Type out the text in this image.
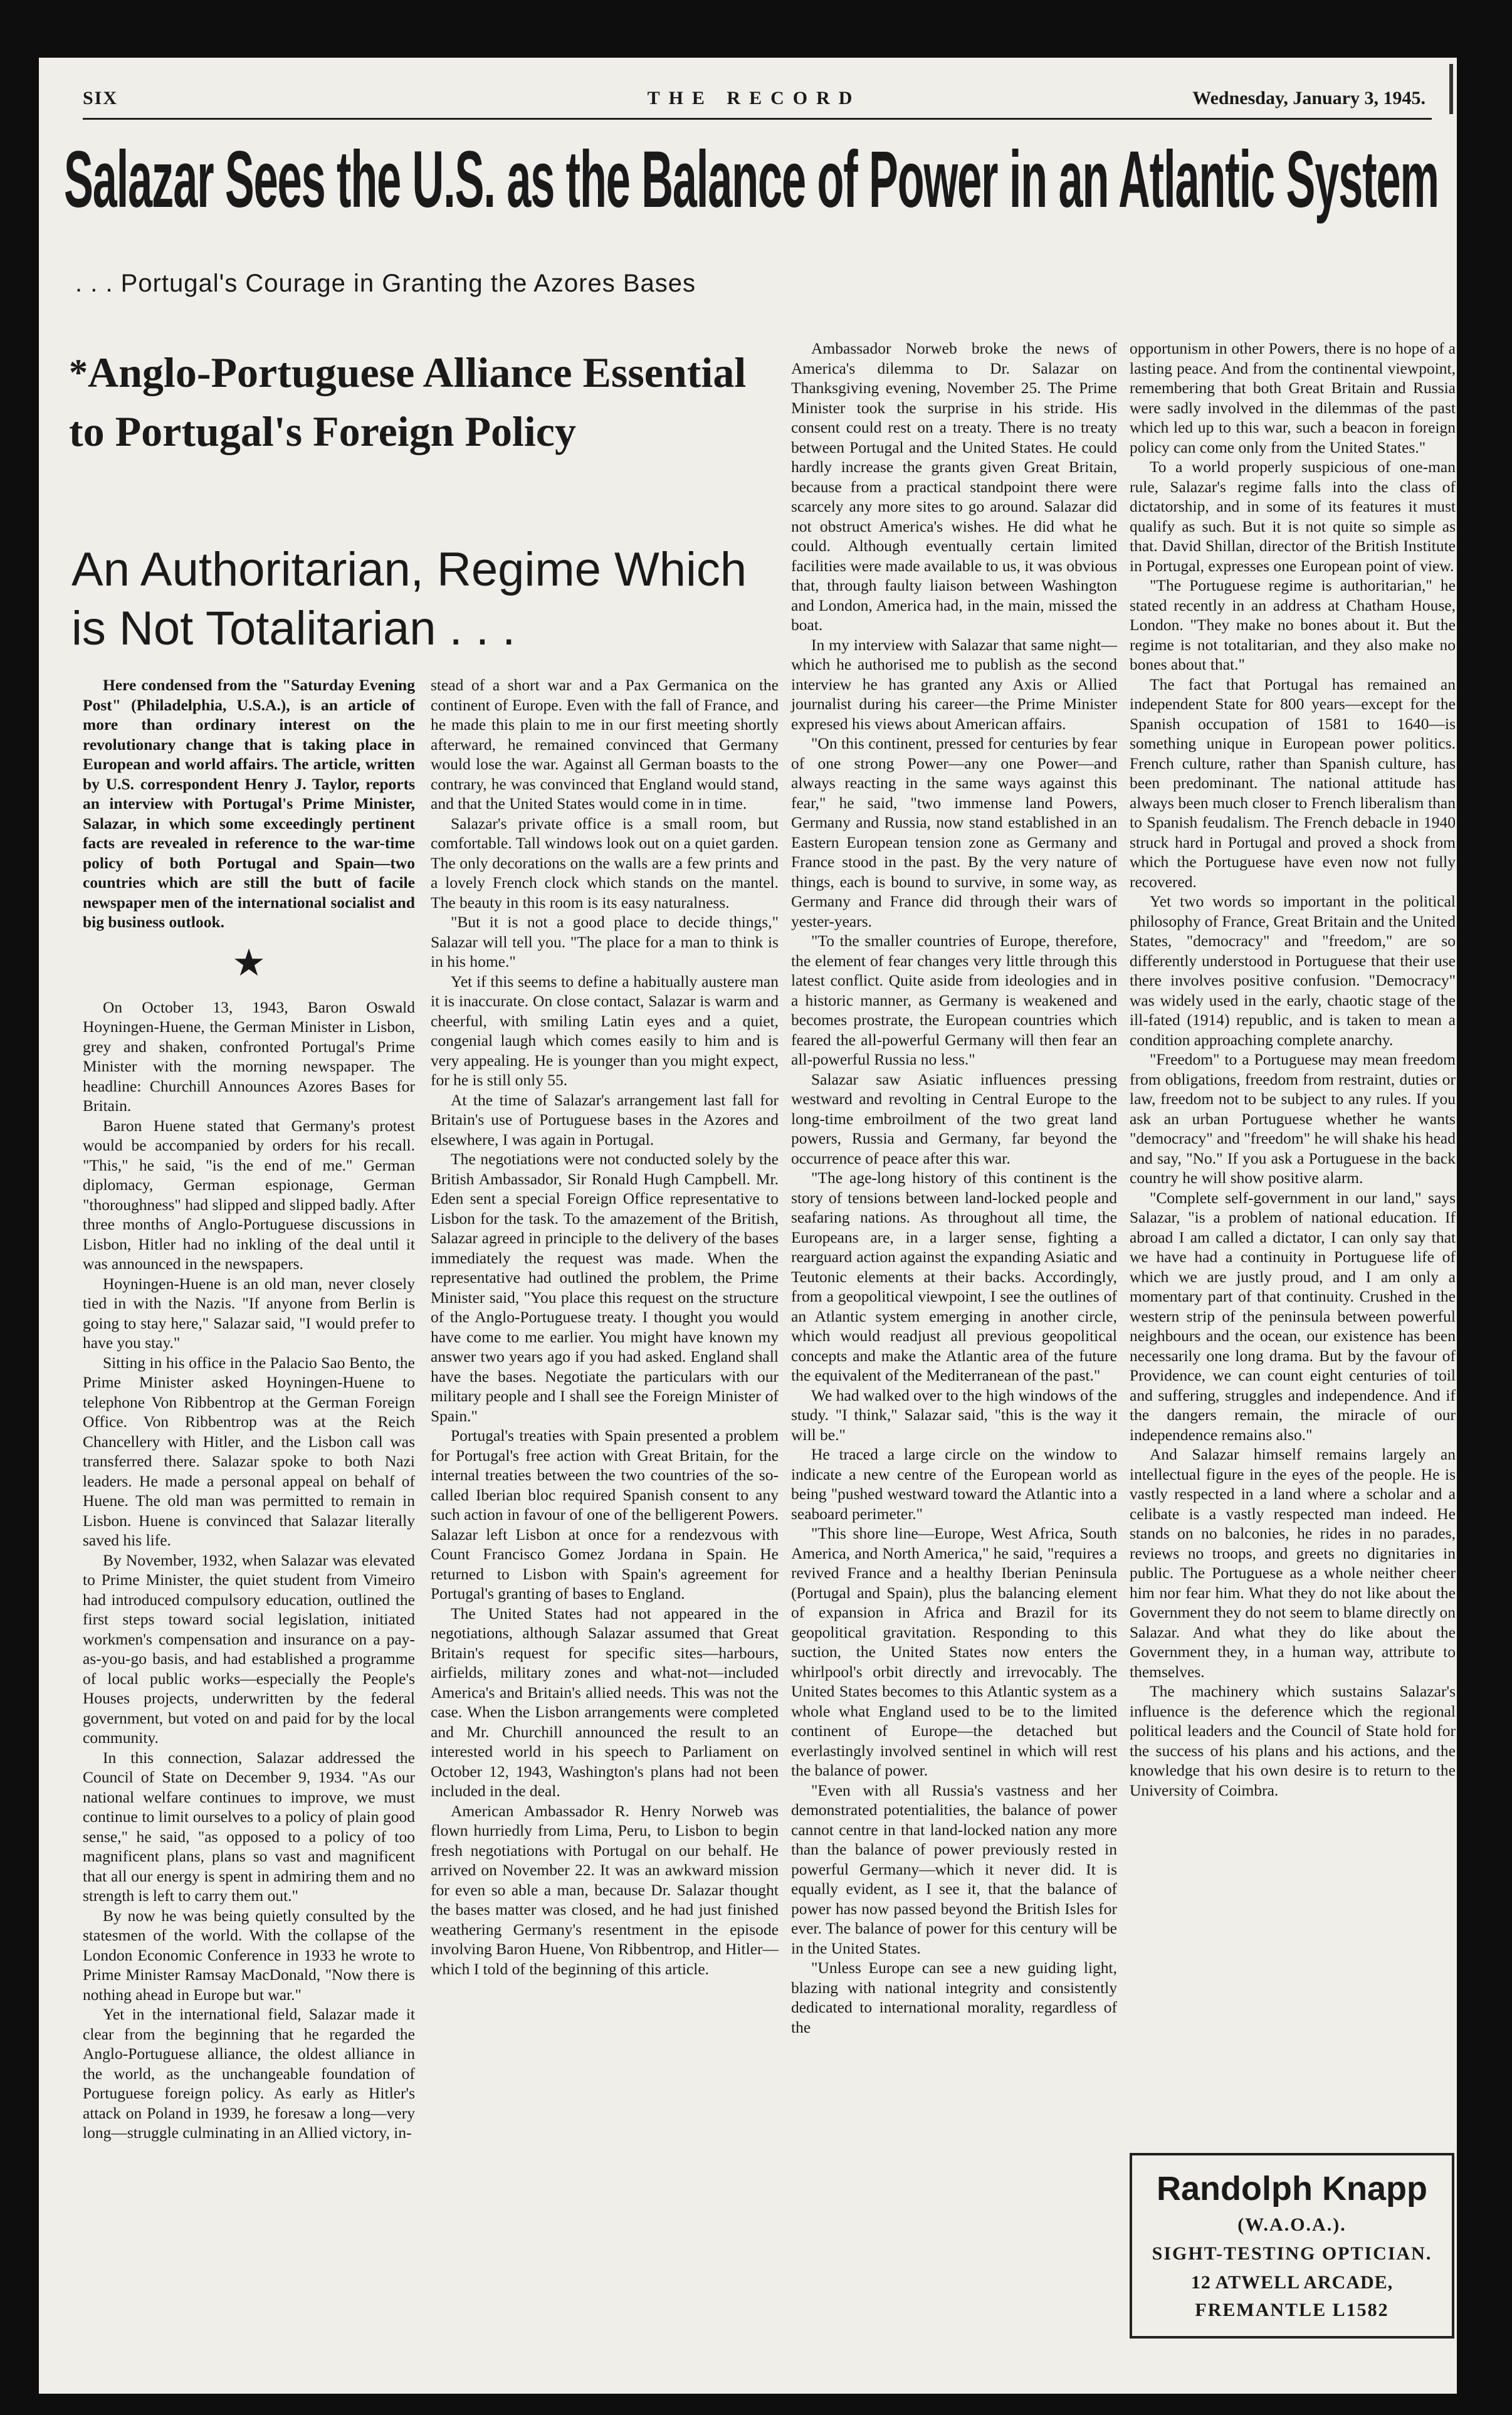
SIX	THE RECORD	Wednesday, January 3, 1945.
Salazar Sees the U.S. as the Balance of Power in an Atlantic System
. . . Portugal's Courage in Granting the Azores Bases
*Anglo-Portuguese Alliance Essential to Portugal's Foreign Policy
An Authoritarian, Regime Which is Not Totalitarian . . .

Here condensed from the "Saturday Evening Post" (Philadelphia, U.S.A.), is an article of more than ordinary interest on the revolutionary change that is taking place in European and world affairs. The article, written by U.S. correspondent Henry J. Taylor, reports an interview with Portugal's Prime Minister, Salazar, in which some exceedingly pertinent facts are revealed in reference to the war-time policy of both Portugal and Spain—two countries which are still the butt of facile newspaper men of the international socialist and big business outlook.

★

On October 13, 1943, Baron Oswald Hoyningen-Huene, the German Minister in Lisbon, grey and shaken, confronted Portugal's Prime Minister with the morning newspaper. The headline: Churchill Announces Azores Bases for Britain.

Baron Huene stated that Germany's protest would be accompanied by orders for his recall. "This," he said, "is the end of me." German diplomacy, German espionage, German "thoroughness" had slipped and slipped badly. After three months of Anglo-Portuguese discussions in Lisbon, Hitler had no inkling of the deal until it was announced in the newspapers.

Hoyningen-Huene is an old man, never closely tied in with the Nazis. "If anyone from Berlin is going to stay here," Salazar said, "I would prefer to have you stay."

Sitting in his office in the Palacio Sao Bento, the Prime Minister asked Hoyningen-Huene to telephone Von Ribbentrop at the German Foreign Office. Von Ribbentrop was at the Reich Chancellery with Hitler, and the Lisbon call was transferred there. Salazar spoke to both Nazi leaders. He made a personal appeal on behalf of Huene. The old man was permitted to remain in Lisbon. Huene is convinced that Salazar literally saved his life.

By November, 1932, when Salazar was elevated to Prime Minister, the quiet student from Vimeiro had introduced compulsory education, outlined the first steps toward social legislation, initiated workmen's compensation and insurance on a pay-as-you-go basis, and had established a programme of local public works—especially the People's Houses projects, underwritten by the federal government, but voted on and paid for by the local community.

In this connection, Salazar addressed the Council of State on December 9, 1934. "As our national welfare continues to improve, we must continue to limit ourselves to a policy of plain good sense," he said, "as opposed to a policy of too magnificent plans, plans so vast and magnificent that all our energy is spent in admiring them and no strength is left to carry them out."

By now he was being quietly consulted by the statesmen of the world. With the collapse of the London Economic Conference in 1933 he wrote to Prime Minister Ramsay MacDonald, "Now there is nothing ahead in Europe but war."

Yet in the international field, Salazar made it clear from the beginning that he regarded the Anglo-Portuguese alliance, the oldest alliance in the world, as the unchangeable foundation of Portuguese foreign policy. As early as Hitler's attack on Poland in 1939, he foresaw a long—very long—struggle culminating in an Allied victory, in-

stead of a short war and a Pax Germanica on the continent of Europe. Even with the fall of France, and he made this plain to me in our first meeting shortly afterward, he remained convinced that Germany would lose the war. Against all German boasts to the contrary, he was convinced that England would stand, and that the United States would come in in time.

Salazar's private office is a small room, but comfortable. Tall windows look out on a quiet garden. The only decorations on the walls are a few prints and a lovely French clock which stands on the mantel. The beauty in this room is its easy naturalness.

"But it is not a good place to decide things," Salazar will tell you. "The place for a man to think is in his home."

Yet if this seems to define a habitually austere man it is inaccurate. On close contact, Salazar is warm and cheerful, with smiling Latin eyes and a quiet, congenial laugh which comes easily to him and is very appealing. He is younger than you might expect, for he is still only 55.

At the time of Salazar's arrangement last fall for Britain's use of Portuguese bases in the Azores and elsewhere, I was again in Portugal.

The negotiations were not conducted solely by the British Ambassador, Sir Ronald Hugh Campbell. Mr. Eden sent a special Foreign Office representative to Lisbon for the task. To the amazement of the British, Salazar agreed in principle to the delivery of the bases immediately the request was made. When the representative had outlined the problem, the Prime Minister said, "You place this request on the structure of the Anglo-Portuguese treaty. I thought you would have come to me earlier. You might have known my answer two years ago if you had asked. England shall have the bases. Negotiate the particulars with our military people and I shall see the Foreign Minister of Spain."

Portugal's treaties with Spain presented a problem for Portugal's free action with Great Britain, for the internal treaties between the two countries of the so-called Iberian bloc required Spanish consent to any such action in favour of one of the belligerent Powers. Salazar left Lisbon at once for a rendezvous with Count Francisco Gomez Jordana in Spain. He returned to Lisbon with Spain's agreement for Portugal's granting of bases to England.

The United States had not appeared in the negotiations, although Salazar assumed that Great Britain's request for specific sites—harbours, airfields, military zones and what-not—included America's and Britain's allied needs. This was not the case. When the Lisbon arrangements were completed and Mr. Churchill announced the result to an interested world in his speech to Parliament on October 12, 1943, Washington's plans had not been included in the deal.

American Ambassador R. Henry Norweb was flown hurriedly from Lima, Peru, to Lisbon to begin fresh negotiations with Portugal on our behalf. He arrived on November 22. It was an awkward mission for even so able a man, because Dr. Salazar thought the bases matter was closed, and he had just finished weathering Germany's resentment in the episode involving Baron Huene, Von Ribbentrop, and Hitler—which I told of the beginning of this article.

Ambassador Norweb broke the news of America's dilemma to Dr. Salazar on Thanksgiving evening, November 25. The Prime Minister took the surprise in his stride. His consent could rest on a treaty. There is no treaty between Portugal and the United States. He could hardly increase the grants given Great Britain, because from a practical standpoint there were scarcely any more sites to go around. Salazar did not obstruct America's wishes. He did what he could. Although eventually certain limited facilities were made available to us, it was obvious that, through faulty liaison between Washington and London, America had, in the main, missed the boat.

In my interview with Salazar that same night—which he authorised me to publish as the second interview he has granted any Axis or Allied journalist during his career—the Prime Minister expresed his views about American affairs.

"On this continent, pressed for centuries by fear of one strong Power—any one Power—and always reacting in the same ways against this fear," he said, "two immense land Powers, Germany and Russia, now stand established in an Eastern European tension zone as Germany and France stood in the past. By the very nature of things, each is bound to survive, in some way, as Germany and France did through their wars of yester-years.

"To the smaller countries of Europe, therefore, the element of fear changes very little through this latest conflict. Quite aside from ideologies and in a historic manner, as Germany is weakened and becomes prostrate, the European countries which feared the all-powerful Germany will then fear an all-powerful Russia no less."

Salazar saw Asiatic influences pressing westward and revolting in Central Europe to the long-time embroilment of the two great land powers, Russia and Germany, far beyond the occurrence of peace after this war.

"The age-long history of this continent is the story of tensions between land-locked people and seafaring nations. As throughout all time, the Europeans are, in a larger sense, fighting a rearguard action against the expanding Asiatic and Teutonic elements at their backs. Accordingly, from a geopolitical viewpoint, I see the outlines of an Atlantic system emerging in another circle, which would readjust all previous geopolitical concepts and make the Atlantic area of the future the equivalent of the Mediterranean of the past."

We had walked over to the high windows of the study. "I think," Salazar said, "this is the way it will be."

He traced a large circle on the window to indicate a new centre of the European world as being "pushed westward toward the Atlantic into a seaboard perimeter."

"This shore line—Europe, West Africa, South America, and North America," he said, "requires a revived France and a healthy Iberian Peninsula (Portugal and Spain), plus the balancing element of expansion in Africa and Brazil for its geopolitical gravitation. Responding to this suction, the United States now enters the whirlpool's orbit directly and irrevocably. The United States becomes to this Atlantic system as a whole what England used to be to the limited continent of Europe—the detached but everlastingly involved sentinel in which will rest the balance of power.

"Even with all Russia's vastness and her demonstrated potentialities, the balance of power cannot centre in that land-locked nation any more than the balance of power previously rested in powerful Germany—which it never did. It is equally evident, as I see it, that the balance of power has now passed beyond the British Isles for ever. The balance of power for this century will be in the United States.

"Unless Europe can see a new guiding light, blazing with national integrity and consistently dedicated to international morality, regardless of the

opportunism in other Powers, there is no hope of a lasting peace. And from the continental viewpoint, remembering that both Great Britain and Russia were sadly involved in the dilemmas of the past which led up to this war, such a beacon in foreign policy can come only from the United States."

To a world properly suspicious of one-man rule, Salazar's regime falls into the class of dictatorship, and in some of its features it must qualify as such. But it is not quite so simple as that. David Shillan, director of the British Institute in Portugal, expresses one European point of view.

"The Portuguese regime is authoritarian," he stated recently in an address at Chatham House, London. "They make no bones about it. But the regime is not totalitarian, and they also make no bones about that."

The fact that Portugal has remained an independent State for 800 years—except for the Spanish occupation of 1581 to 1640—is something unique in European power politics. French culture, rather than Spanish culture, has been predominant. The national attitude has always been much closer to French liberalism than to Spanish feudalism. The French debacle in 1940 struck hard in Portugal and proved a shock from which the Portuguese have even now not fully recovered.

Yet two words so important in the political philosophy of France, Great Britain and the United States, "democracy" and "freedom," are so differently understood in Portuguese that their use there involves positive confusion. "Democracy" was widely used in the early, chaotic stage of the ill-fated (1914) republic, and is taken to mean a condition approaching complete anarchy.

"Freedom" to a Portuguese may mean freedom from obligations, freedom from restraint, duties or law, freedom not to be subject to any rules. If you ask an urban Portuguese whether he wants "democracy" and "freedom" he will shake his head and say, "No." If you ask a Portuguese in the back country he will show positive alarm.

"Complete self-government in our land," says Salazar, "is a problem of national education. If abroad I am called a dictator, I can only say that we have had a continuity in Portuguese life of which we are justly proud, and I am only a momentary part of that continuity. Crushed in the western strip of the peninsula between powerful neighbours and the ocean, our existence has been necessarily one long drama. But by the favour of Providence, we can count eight centuries of toil and suffering, struggles and independence. And if the dangers remain, the miracle of our independence remains also."

And Salazar himself remains largely an intellectual figure in the eyes of the people. He is vastly respected in a land where a scholar and a celibate is a vastly respected man indeed. He stands on no balconies, he rides in no parades, reviews no troops, and greets no dignitaries in public. The Portuguese as a whole neither cheer him nor fear him. What they do not like about the Government they do not seem to blame directly on Salazar. And what they do like about the Government they, in a human way, attribute to themselves.

The machinery which sustains Salazar's influence is the deference which the regional political leaders and the Council of State hold for the success of his plans and his actions, and the knowledge that his own desire is to return to the University of Coimbra.

Randolph Knapp
(W.A.O.A.).
SIGHT-TESTING OPTICIAN.
12 ATWELL ARCADE,
FREMANTLE L1582
